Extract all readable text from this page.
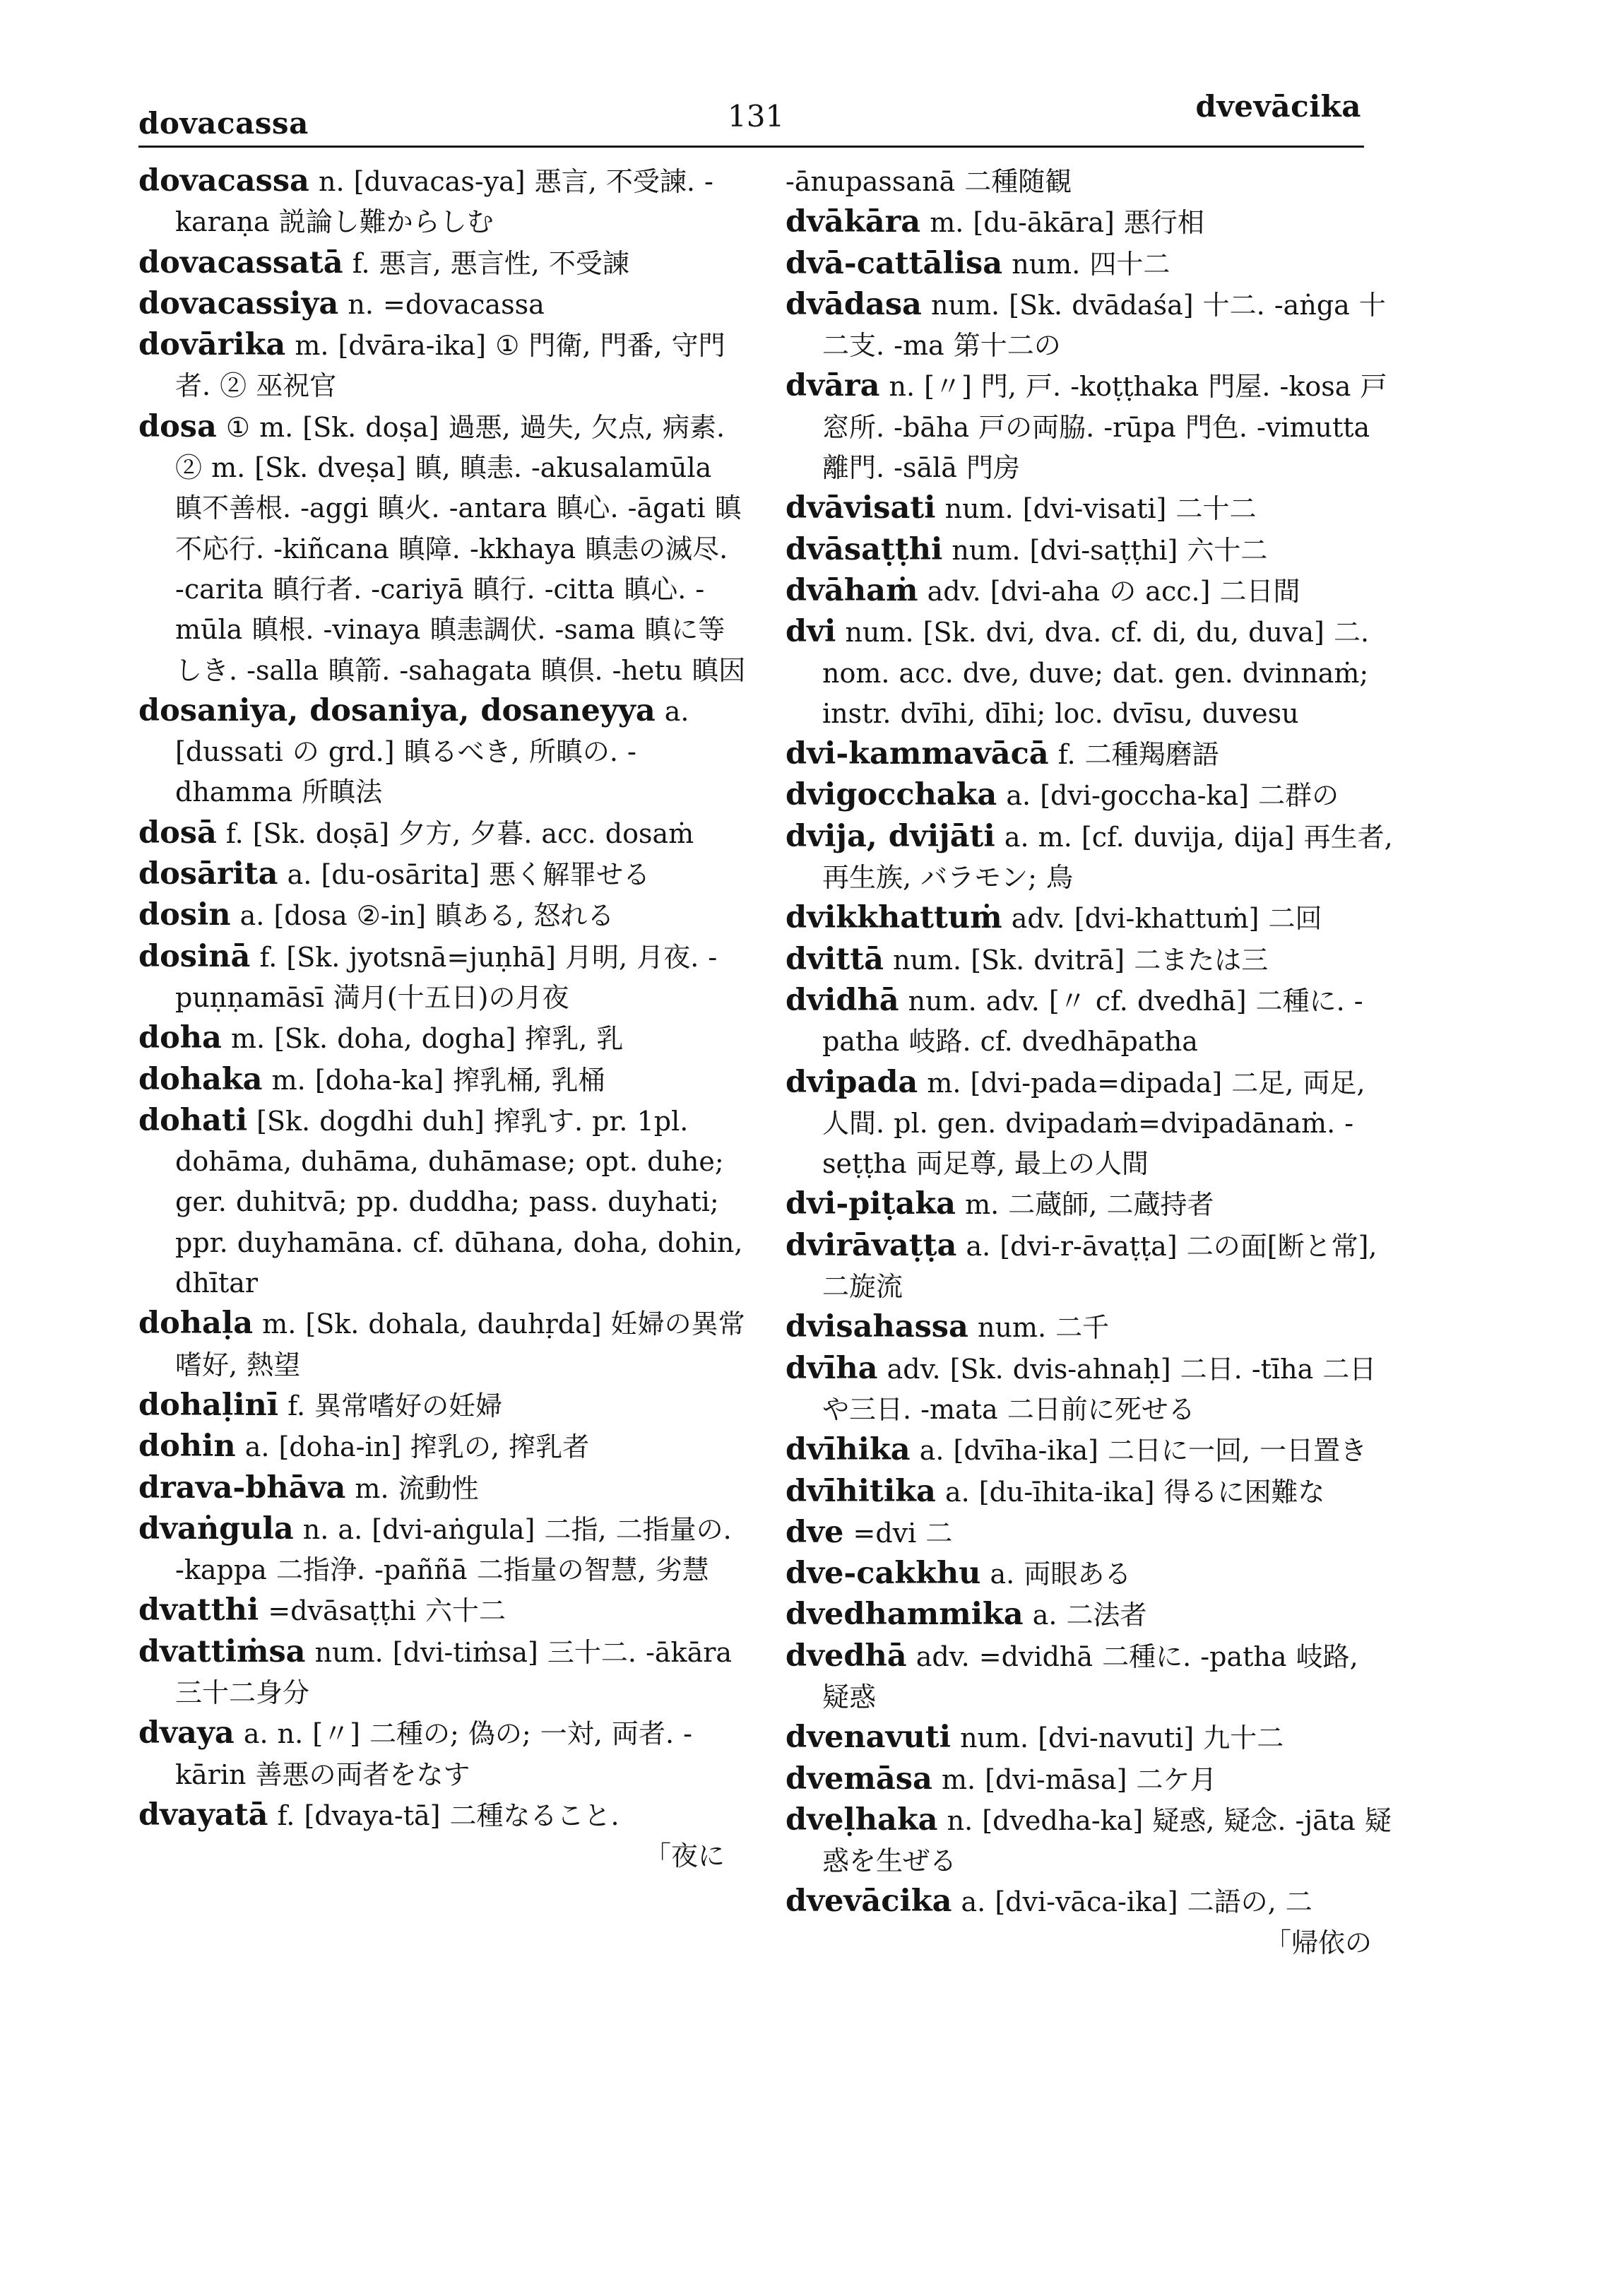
dovacassa	131	dvevācika

dovacassa n. [duvacas-ya] 悪言, 不受諫. -karaṇa 説論し難からしむ

dovacassatā f. 悪言, 悪言性, 不受諫

dovacassiya n. =dovacassa

dovārika m. [dvāra-ika] ① 門衛, 門番, 守門者. ② 巫祝官

dosa ① m. [Sk. doṣa] 過悪, 過失, 欠点, 病素. ② m. [Sk. dveṣa] 瞋, 瞋恚. -akusalamūla 瞋不善根. -aggi 瞋火. -antara 瞋心. -āgati 瞋不応行. -kiñcana 瞋障. -kkhaya 瞋恚の滅尽. -carita 瞋行者. -cariyā 瞋行. -citta 瞋心. -mūla 瞋根. -vinaya 瞋恚調伏. -sama 瞋に等しき. -salla 瞋箭. -sahagata 瞋倶. -hetu 瞋因

dosaniya, dosaniya, dosaneyya a. [dussati の grd.] 瞋るべき, 所瞋の. -dhamma 所瞋法

dosā f. [Sk. doṣā] 夕方, 夕暮. acc. dosaṁ

dosārita a. [du-osārita] 悪く解罪せる

dosin a. [dosa ②-in] 瞋ある, 怒れる

dosinā f. [Sk. jyotsnā=juṇhā] 月明, 月夜. -puṇṇamāsī 満月(十五日)の月夜

doha m. [Sk. doha, dogha] 搾乳, 乳

dohaka m. [doha-ka] 搾乳桶, 乳桶

dohati [Sk. dogdhi duh] 搾乳す. pr. 1pl. dohāma, duhāma, duhāmase; opt. duhe; ger. duhitvā; pp. duddha; pass. duyhati; ppr. duyhamāna. cf. dūhana, doha, dohin, dhītar

dohaḷa m. [Sk. dohala, dauhṛda] 妊婦の異常嗜好, 熱望

dohaḷinī f. 異常嗜好の妊婦

dohin a. [doha-in] 搾乳の, 搾乳者

drava-bhāva m. 流動性

dvaṅgula n. a. [dvi-aṅgula] 二指, 二指量の. -kappa 二指浄. -paññā 二指量の智慧, 劣慧

dvatthi =dvāsaṭṭhi 六十二

dvattiṁsa num. [dvi-tiṁsa] 三十二. -ākāra 三十二身分

dvaya a. n. [〃] 二種の; 偽の; 一対, 両者. -kārin 善悪の両者をなす

dvayatā f. [dvaya-tā] 二種なること.

「夜に

-ānupassanā 二種随観

dvākāra m. [du-ākāra] 悪行相

dvā-cattālisa num. 四十二

dvādasa num. [Sk. dvādaśa] 十二. -aṅga 十二支. -ma 第十二の

dvāra n. [〃] 門, 戸. -koṭṭhaka 門屋. -kosa 戸窓所. -bāha 戸の両脇. -rūpa 門色. -vimutta 離門. -sālā 門房

dvāvisati num. [dvi-visati] 二十二

dvāsaṭṭhi num. [dvi-saṭṭhi] 六十二

dvāhaṁ adv. [dvi-aha の acc.] 二日間

dvi num. [Sk. dvi, dva. cf. di, du, duva] 二. nom. acc. dve, duve; dat. gen. dvinnaṁ; instr. dvīhi, dīhi; loc. dvīsu, duvesu

dvi-kammavācā f. 二種羯磨語

dvigocchaka a. [dvi-goccha-ka] 二群の

dvija, dvijāti a. m. [cf. duvija, dija] 再生者, 再生族, バラモン; 鳥

dvikkhattuṁ adv. [dvi-khattuṁ] 二回

dvittā num. [Sk. dvitrā] 二または三

dvidhā num. adv. [〃 cf. dvedhā] 二種に. -patha 岐路. cf. dvedhāpatha

dvipada m. [dvi-pada=dipada] 二足, 両足, 人間. pl. gen. dvipadaṁ=dvipadānaṁ. -seṭṭha 両足尊, 最上の人間

dvi-piṭaka m. 二蔵師, 二蔵持者

dvirāvaṭṭa a. [dvi-r-āvaṭṭa] 二の面[断と常], 二旋流

dvisahassa num. 二千

dvīha adv. [Sk. dvis-ahnaḥ] 二日. -tīha 二日や三日. -mata 二日前に死せる

dvīhika a. [dvīha-ika] 二日に一回, 一日置き

dvīhitika a. [du-īhita-ika] 得るに困難な

dve =dvi 二

dve-cakkhu a. 両眼ある

dvedhammika a. 二法者

dvedhā adv. =dvidhā 二種に. -patha 岐路, 疑惑

dvenavuti num. [dvi-navuti] 九十二

dvemāsa m. [dvi-māsa] 二ケ月

dveḷhaka n. [dvedha-ka] 疑惑, 疑念. -jāta 疑惑を生ぜる

dvevācika a. [dvi-vāca-ika] 二語の, 二

「帰依の
